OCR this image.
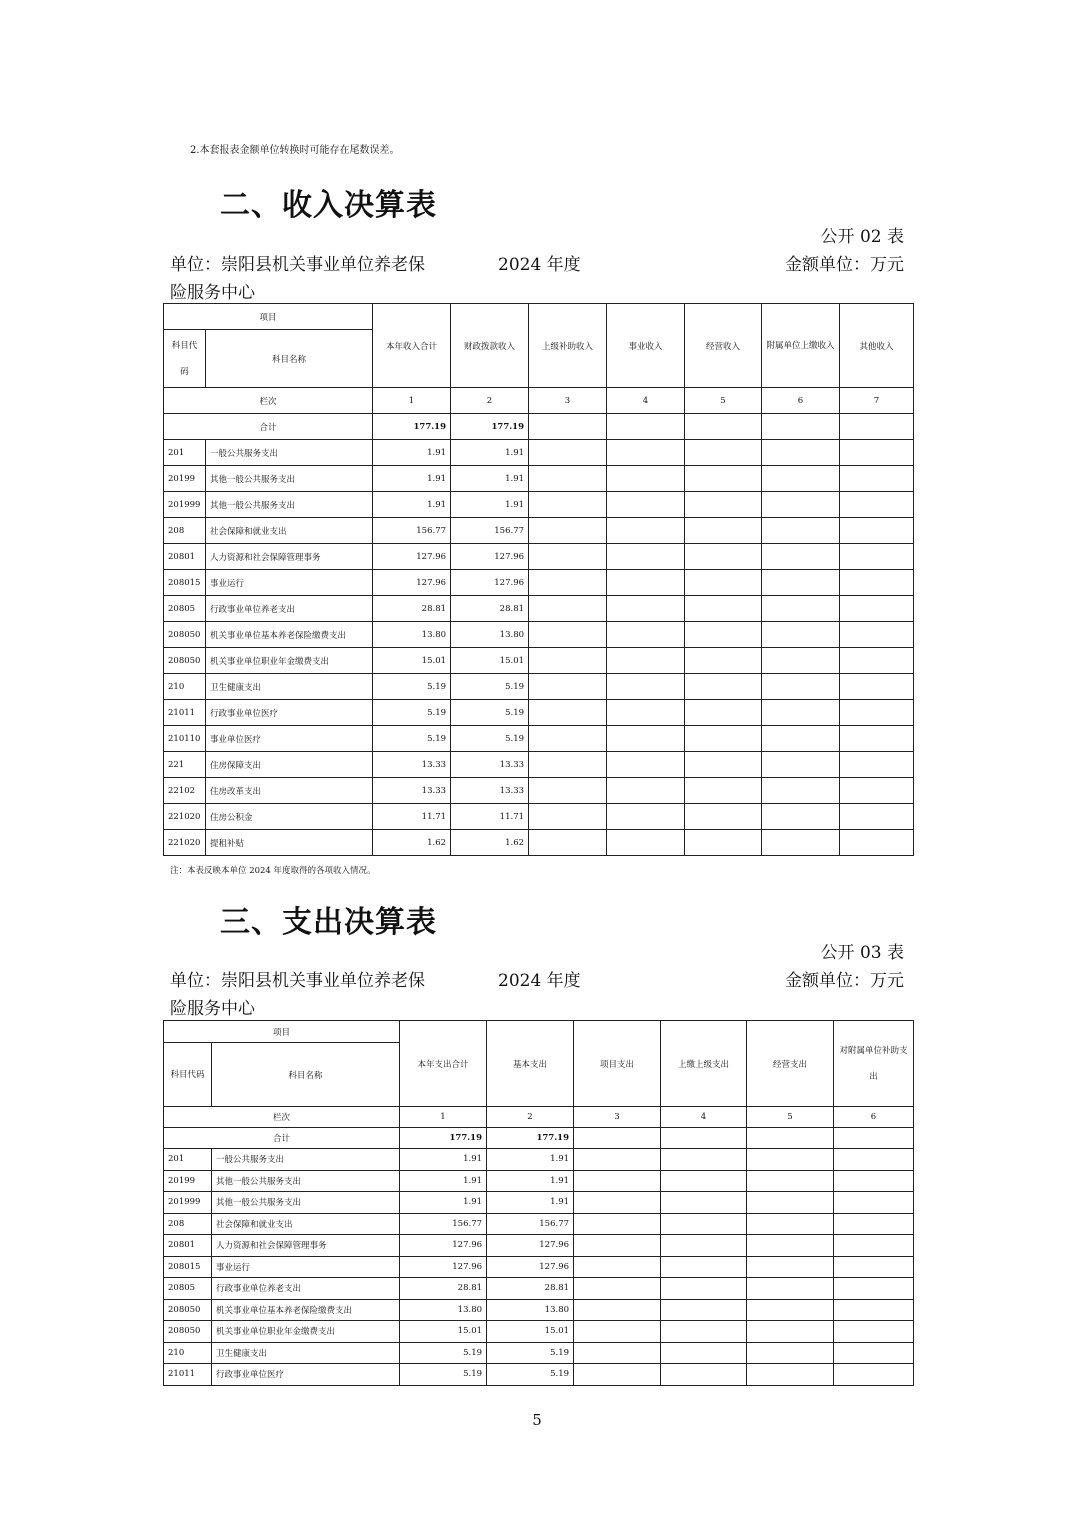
2.本套报表金额单位转换时可能存在尾数误差。
二、收入决算表
公开 02 表
单位：崇阳县机关事业单位养老保	2024 年度	金额单位：万元
险服务中心
项目		本年收入合计	财政拨款收入	上级补助收入	事业收入	经营收入	附属单位上缴收入	其他收入
科目代码	科目名称							
栏次		1	2	3	4	5	6	7
合计		177.19	177.19					
201	一般公共服务支出	1.91	1.91					
20199	其他一般公共服务支出	1.91	1.91					
201999	其他一般公共服务支出	1.91	1.91					
208	社会保障和就业支出	156.77	156.77					
20801	人力资源和社会保障管理事务	127.96	127.96					
208015	事业运行	127.96	127.96					
20805	行政事业单位养老支出	28.81	28.81					
208050	机关事业单位基本养老保险缴费支出	13.80	13.80					
208050	机关事业单位职业年金缴费支出	15.01	15.01					
210	卫生健康支出	5.19	5.19					
21011	行政事业单位医疗	5.19	5.19					
210110	事业单位医疗	5.19	5.19					
221	住房保障支出	13.33	13.33					
22102	住房改革支出	13.33	13.33					
221020	住房公积金	11.71	11.71					
221020	提租补贴	1.62	1.62					
注：本表反映本单位 2024 年度取得的各项收入情况。
三、支出决算表
公开 03 表
单位：崇阳县机关事业单位养老保	2024 年度	金额单位：万元
险服务中心
项目		本年支出合计	基本支出	项目支出	上缴上级支出	经营支出	对附属单位补助支出
科目代码	科目名称						
栏次		1	2	3	4	5	6
合计		177.19	177.19				
201	一般公共服务支出	1.91	1.91				
20199	其他一般公共服务支出	1.91	1.91				
201999	其他一般公共服务支出	1.91	1.91				
208	社会保障和就业支出	156.77	156.77				
20801	人力资源和社会保障管理事务	127.96	127.96				
208015	事业运行	127.96	127.96				
20805	行政事业单位养老支出	28.81	28.81				
208050	机关事业单位基本养老保险缴费支出	13.80	13.80				
208050	机关事业单位职业年金缴费支出	15.01	15.01				
210	卫生健康支出	5.19	5.19				
21011	行政事业单位医疗	5.19	5.19				
5
